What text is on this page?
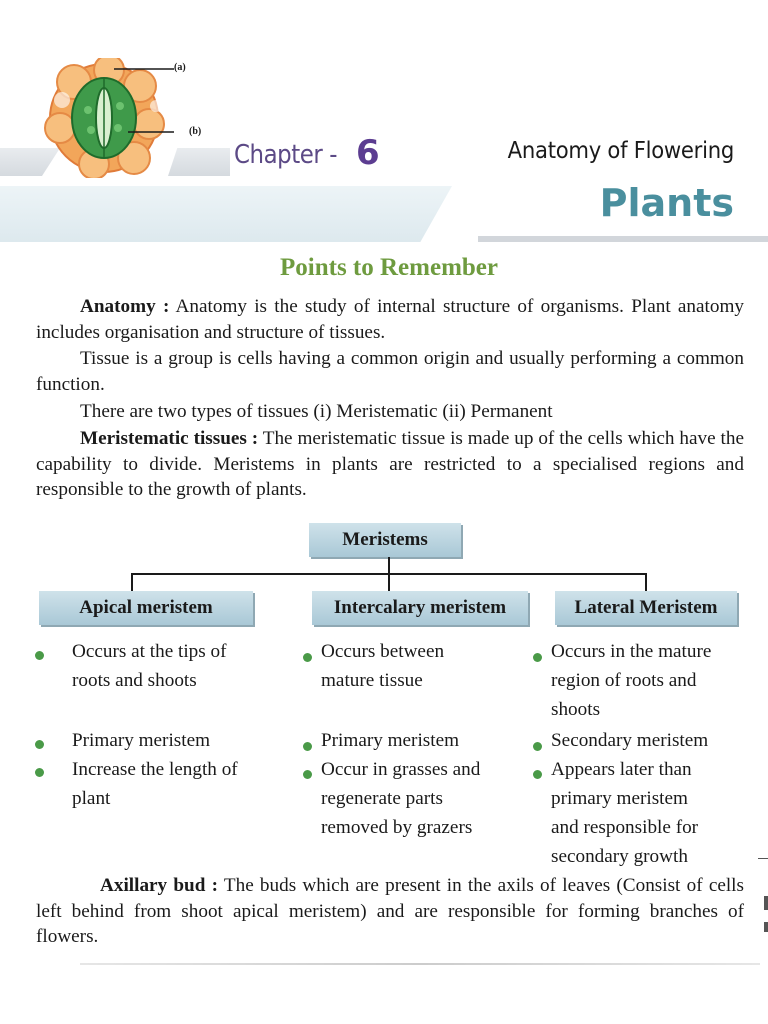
(a)
(b)
Chapter - 6	Anatomy of Flowering
Plants
Points to Remember
Anatomy : Anatomy is the study of internal structure of organisms. Plant anatomy includes organisation and structure of tissues.
Tissue is a group is cells having a common origin and usually performing a common function.
There are two types of tissues (i) Meristematic (ii) Permanent
Meristematic tissues : The meristematic tissue is made up of the cells which have the capability to divide. Meristems in plants are restricted to a specialised regions and responsible to the growth of plants.
Meristems
Apical meristem	Intercalary meristem	Lateral Meristem
Occurs at the tips of
roots and shoots
Primary meristem
Increase the length of
plant
Occurs between
mature tissue
Primary meristem
Occur in grasses and
regenerate parts
removed by grazers
Occurs in the mature
region of roots and
shoots
Secondary meristem
Appears later than
primary meristem
and responsible for
secondary growth
Axillary bud : The buds which are present in the axils of leaves (Consist of cells left behind from shoot apical meristem) and are responsible for forming branches of flowers.
